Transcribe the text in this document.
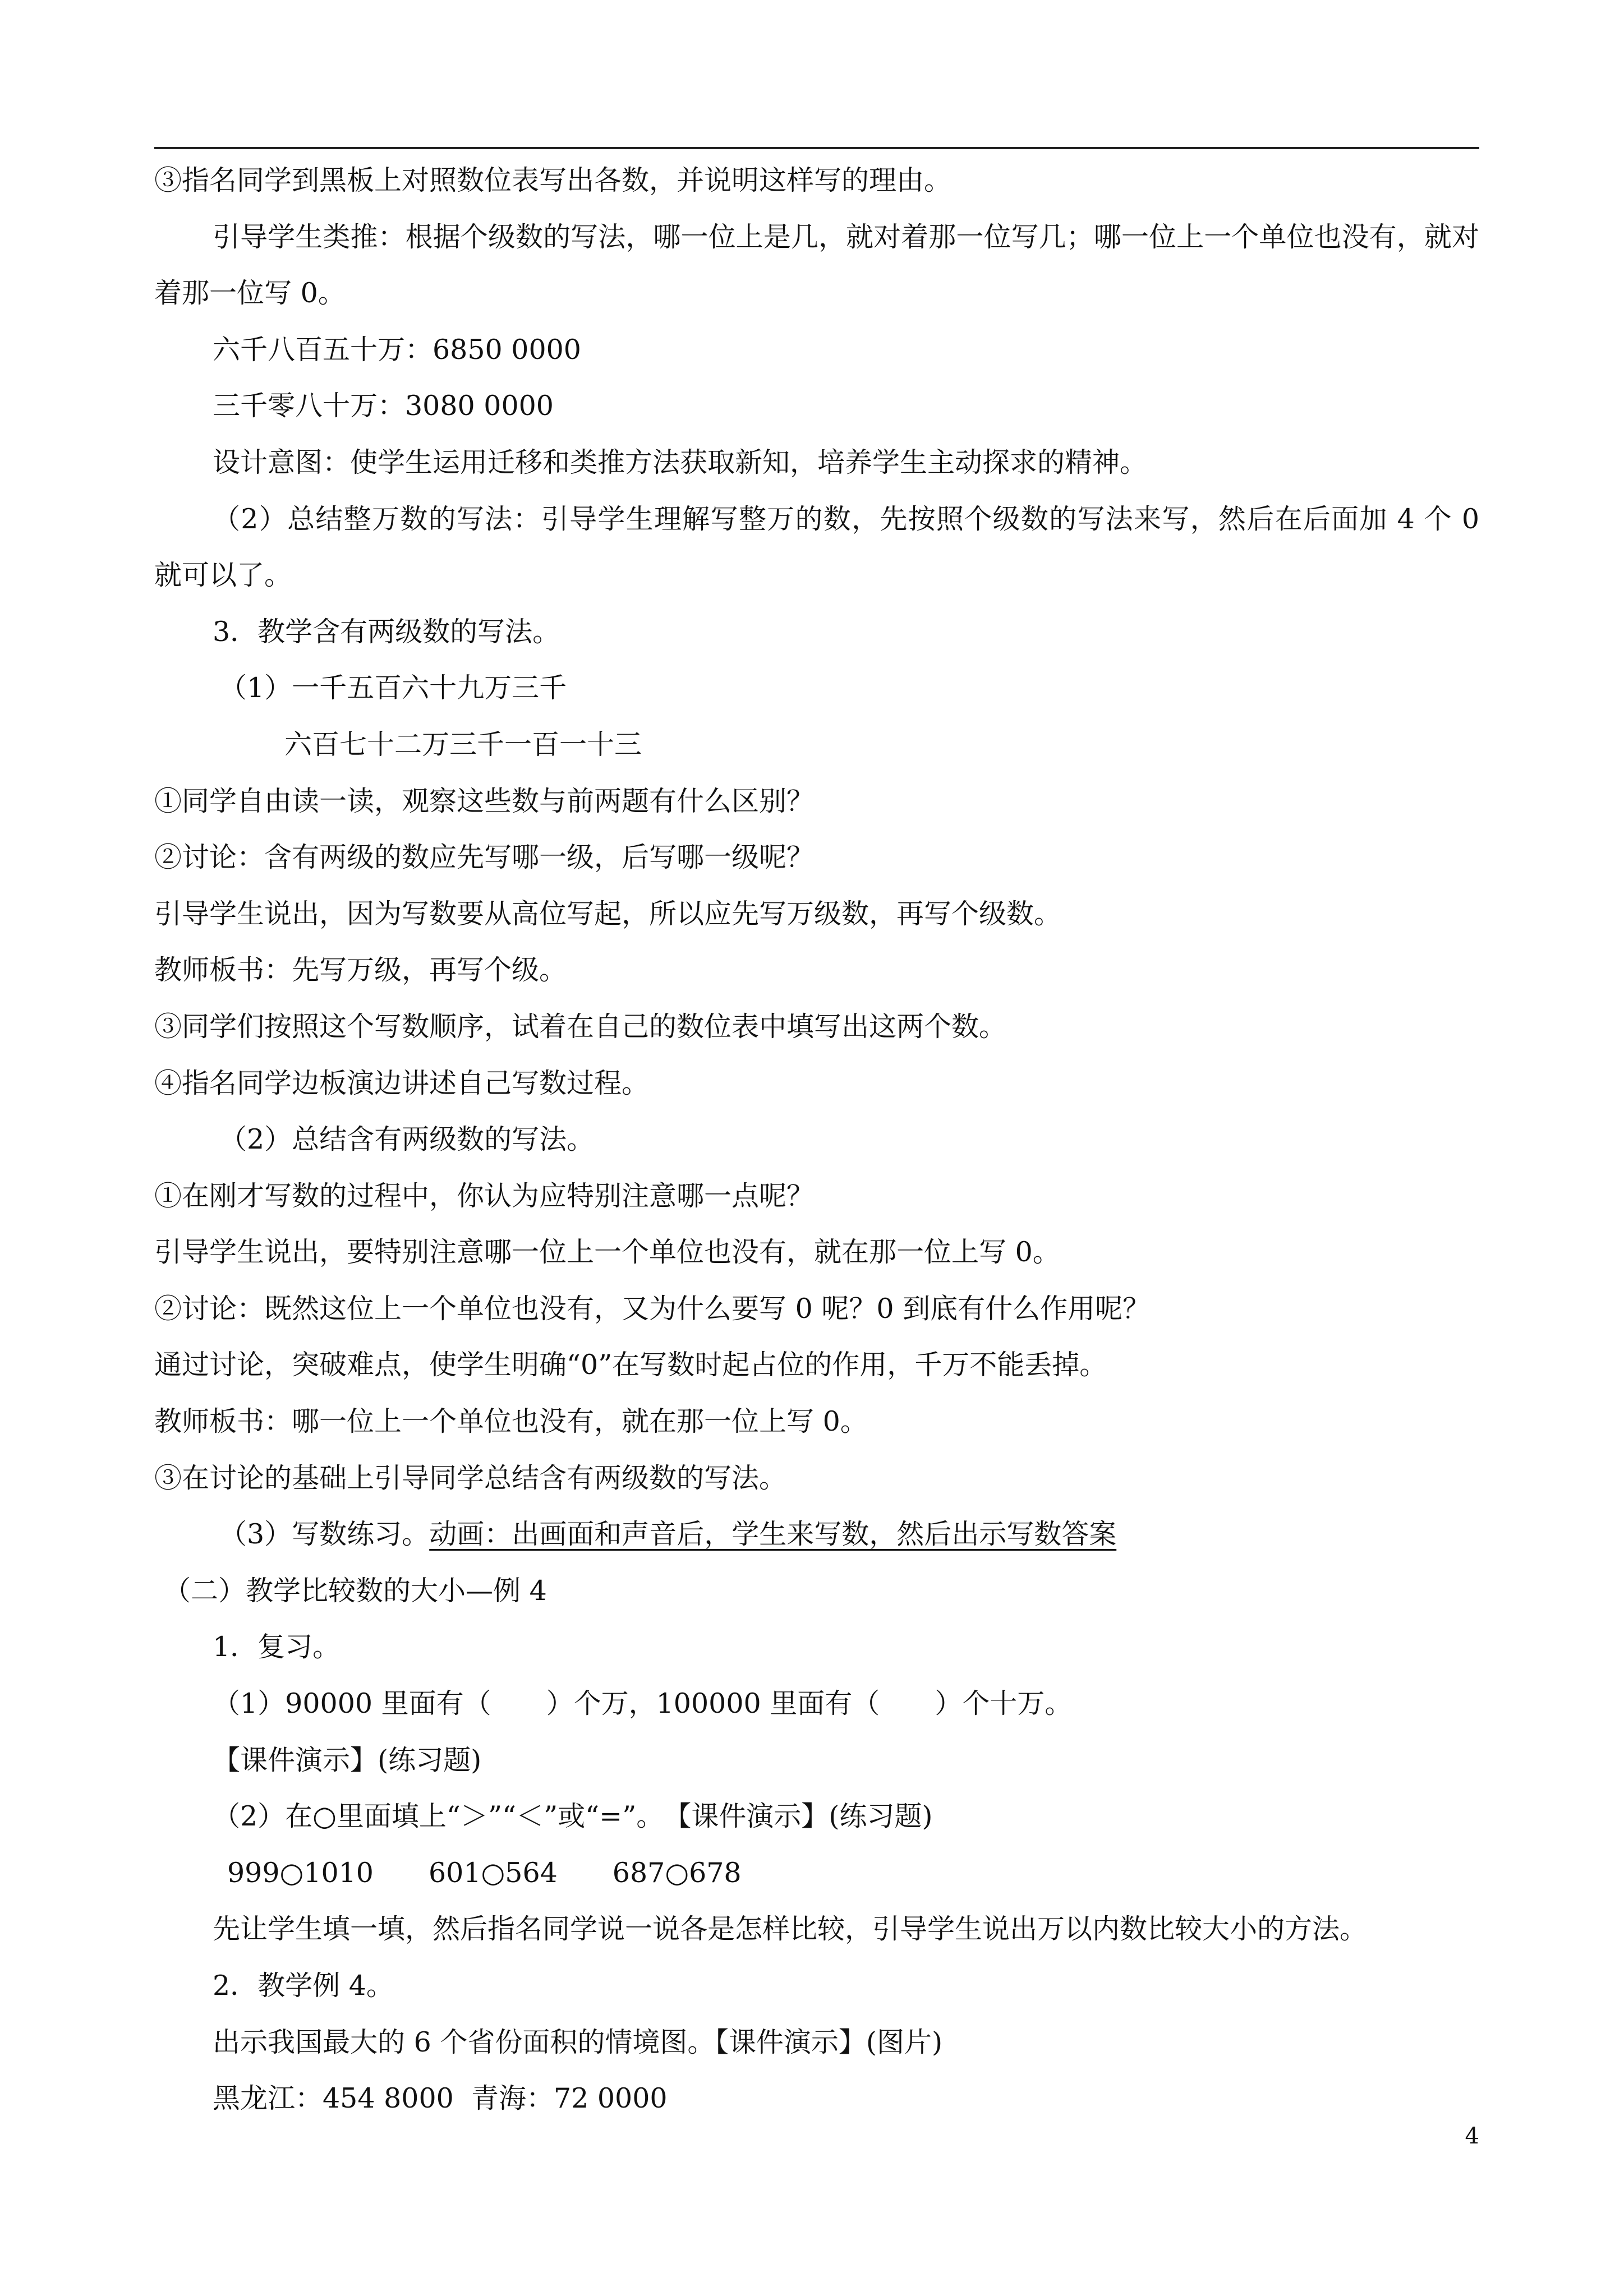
③指名同学到黑板上对照数位表写出各数，并说明这样写的理由。

引导学生类推：根据个级数的写法，哪一位上是几，就对着那一位写几；哪一位上一个单位也没有，就对着那一位写 0。

六千八百五十万：6850 0000

三千零八十万：3080 0000

设计意图：使学生运用迁移和类推方法获取新知，培养学生主动探求的精神。

（2）总结整万数的写法：引导学生理解写整万的数，先按照个级数的写法来写，然后在后面加 4 个 0 就可以了。

3．教学含有两级数的写法。

（1）一千五百六十九万三千

六百七十二万三千一百一十三

①同学自由读一读，观察这些数与前两题有什么区别？

②讨论：含有两级的数应先写哪一级，后写哪一级呢？

引导学生说出，因为写数要从高位写起，所以应先写万级数，再写个级数。

教师板书：先写万级，再写个级。

③同学们按照这个写数顺序，试着在自己的数位表中填写出这两个数。

④指名同学边板演边讲述自己写数过程。

（2）总结含有两级数的写法。

①在刚才写数的过程中，你认为应特别注意哪一点呢？

引导学生说出，要特别注意哪一位上一个单位也没有，就在那一位上写 0。

②讨论：既然这位上一个单位也没有，又为什么要写 0 呢？0 到底有什么作用呢？

通过讨论，突破难点，使学生明确“0”在写数时起占位的作用，千万不能丢掉。

教师板书：哪一位上一个单位也没有，就在那一位上写 0。

③在讨论的基础上引导同学总结含有两级数的写法。

（3）写数练习。动画：出画面和声音后，学生来写数，然后出示写数答案

（二）教学比较数的大小—例 4

1．复习。

（1）90000 里面有（　　）个万，100000 里面有（　　）个十万。

【课件演示】(练习题)

（2）在○里面填上“＞”“＜”或“=”。　【课件演示】(练习题)

999○1010　　601○564　　687○678

先让学生填一填，然后指名同学说一说各是怎样比较，引导学生说出万以内数比较大小的方法。

2．教学例 4。

出示我国最大的 6 个省份面积的情境图。【课件演示】(图片)

黑龙江：454 8000  青海：72 0000

4
